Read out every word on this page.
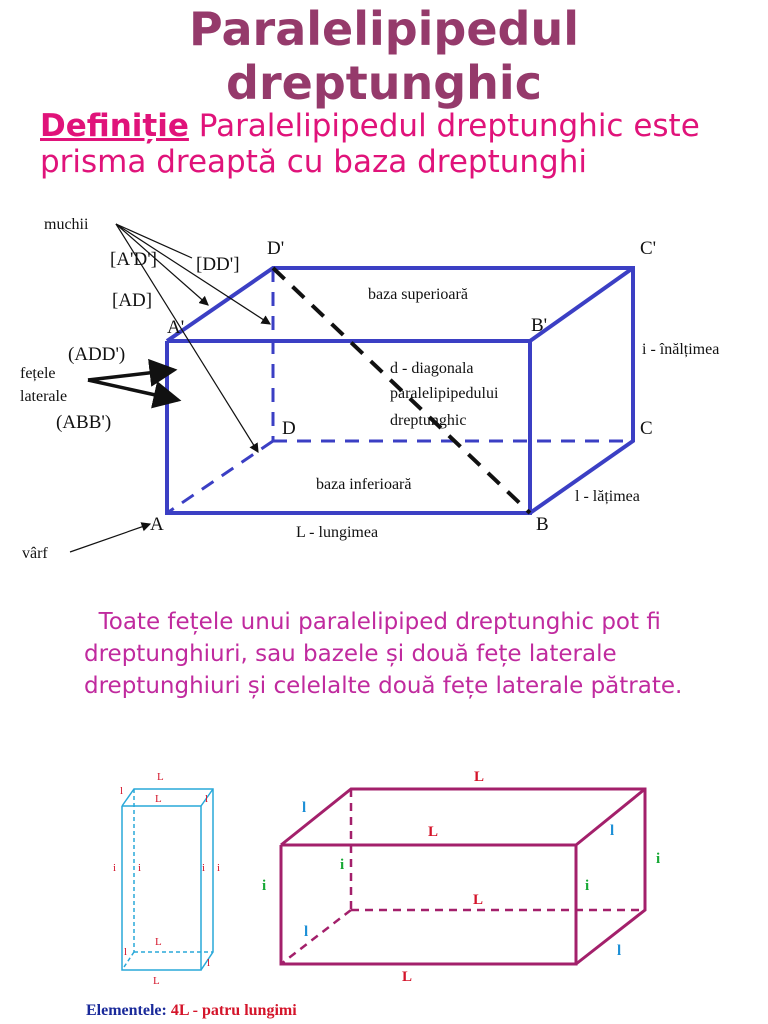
Paralelipipedul
dreptunghic

Definiție Paralelipipedul dreptunghic este prisma dreaptă cu baza dreptunghi

A	B
C
D
A'	B'
C'
D'
muchii
[A'D'] [DD']
[AD]
(ADD')
fețele
laterale
(ABB')
vârf
baza superioară
baza inferioară
d - diagonala
paralelipipedului
dreptunghic
i - înălțimea
l - lățimea
L - lungimea

Toate fețele unui paralelipiped dreptunghic pot fi dreptunghiuri, sau bazele și două fețe laterale dreptunghiuri și celelalte două fețe laterale pătrate.

L
L
l
l
i i	i i
L
l
l
L
L
L
l
l
i
i	i
i
L
l
l
L

Elementele: 4L - patru lungimi
